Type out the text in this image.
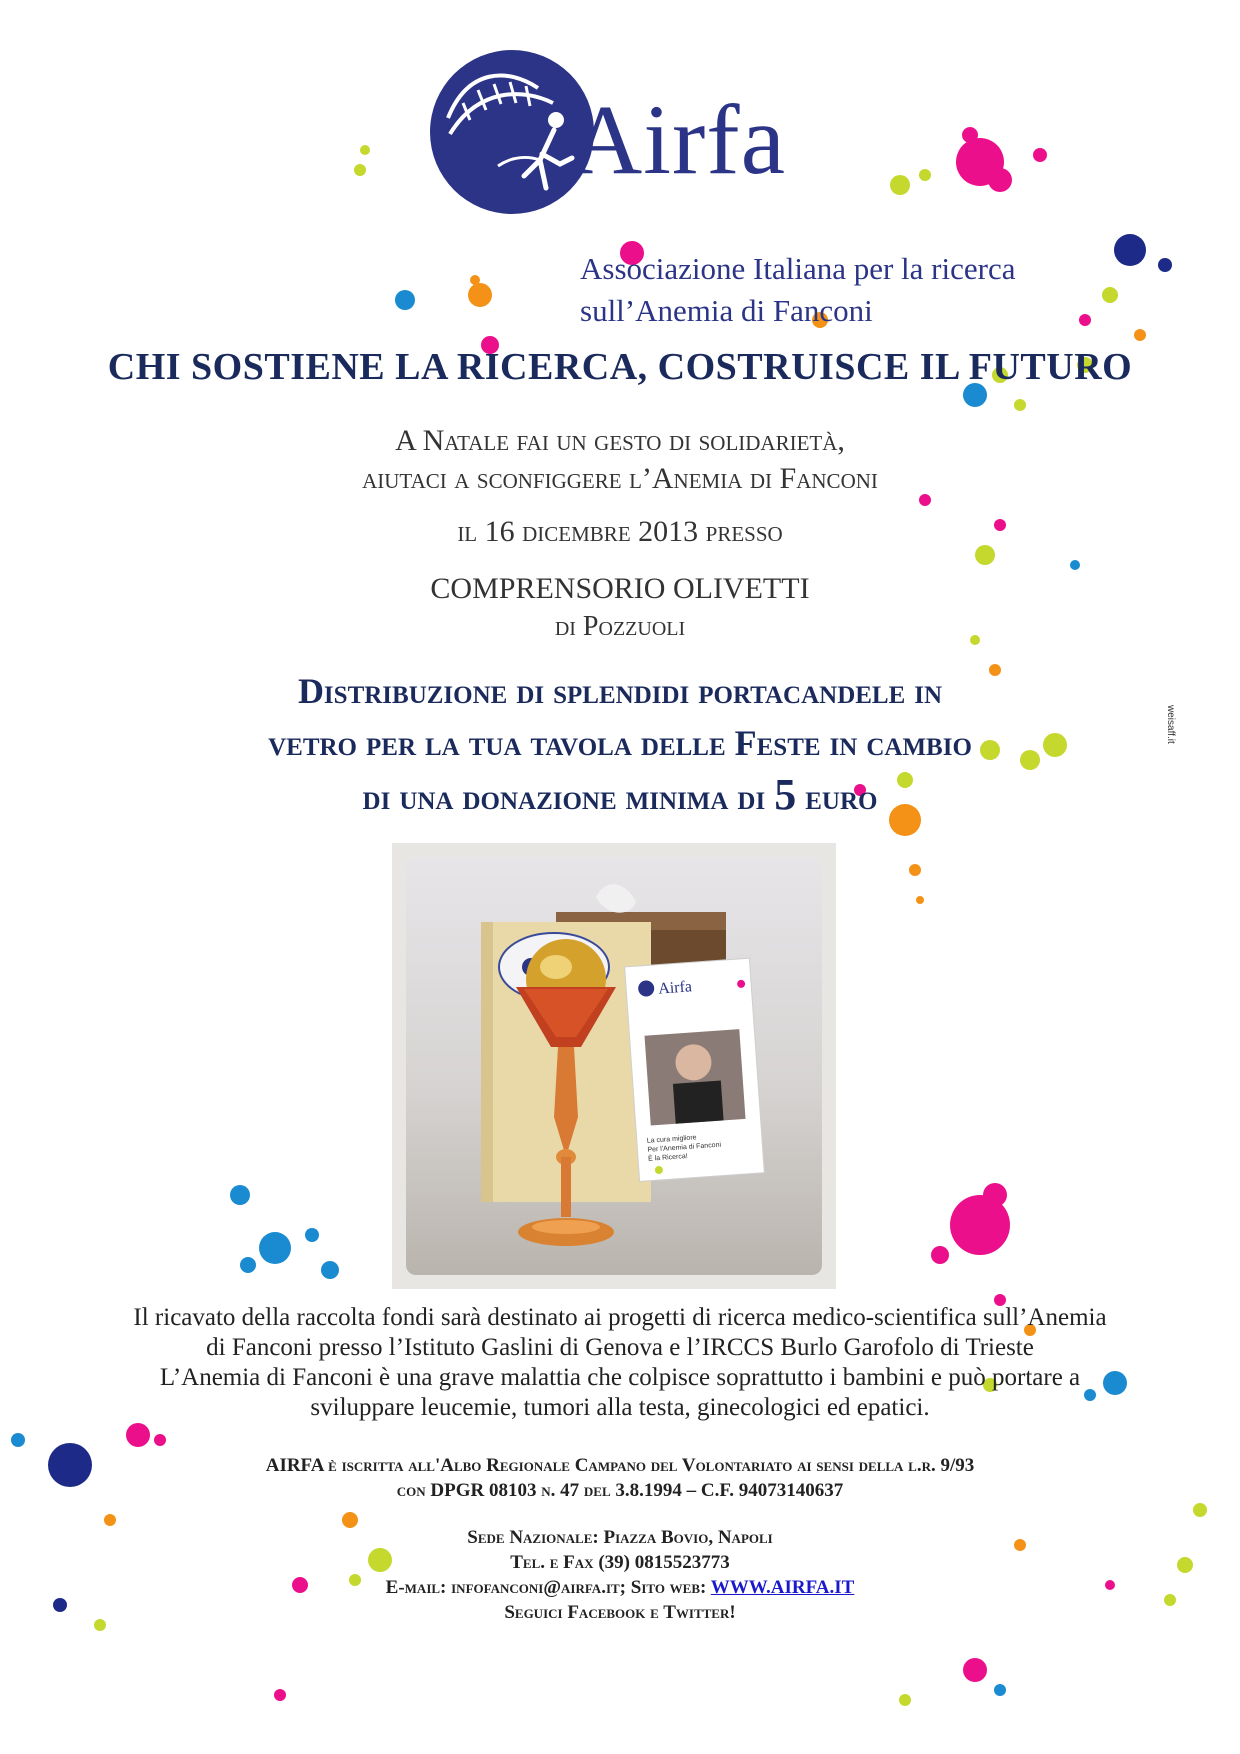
Airfa
Associazione Italiana per la ricerca
sull’Anemia di Fanconi
CHI SOSTIENE LA RICERCA, COSTRUISCE IL FUTURO
A Natale fai un gesto di solidarietà,
aiutaci a sconfiggere l’Anemia di Fanconi
il 16 dicembre 2013 presso
COMPRENSORIO OLIVETTI
di Pozzuoli
Distribuzione di splendidi portacandele in
vetro per la tua tavola delle Feste in cambio
di una donazione minima di 5 euro
Airfa
La cura migliore
Per l'Anemia di Fanconi
È la Ricerca!
Il ricavato della raccolta fondi sarà destinato ai progetti di ricerca medico-scientifica sull’Anemia
di Fanconi presso l’Istituto Gaslini di Genova e l’IRCCS Burlo Garofolo di Trieste
L’Anemia di Fanconi è una grave malattia che colpisce soprattutto i bambini e può portare a
sviluppare leucemie, tumori alla testa, ginecologici ed epatici.
AIRFA è iscritta all'Albo Regionale Campano del Volontariato ai sensi della l.r. 9/93
con DPGR 08103 n. 47 del 3.8.1994 – C.F. 94073140637
Sede Nazionale: Piazza Bovio, Napoli
Tel. e Fax (39) 0815523773
E-mail: infofanconi@airfa.it; Sito web: WWW.AIRFA.IT
Seguici Facebook e Twitter!
weisaff.it
